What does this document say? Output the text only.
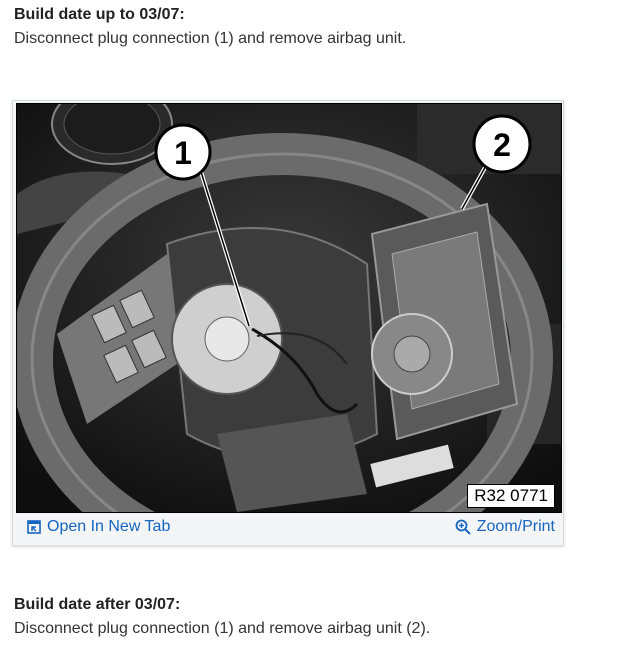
Build date up to 03/07:
Disconnect plug connection (1) and remove airbag unit.
1	2
R32 0771
Open In New Tab	Zoom/Print
Build date after 03/07:
Disconnect plug connection (1) and remove airbag unit (2).
